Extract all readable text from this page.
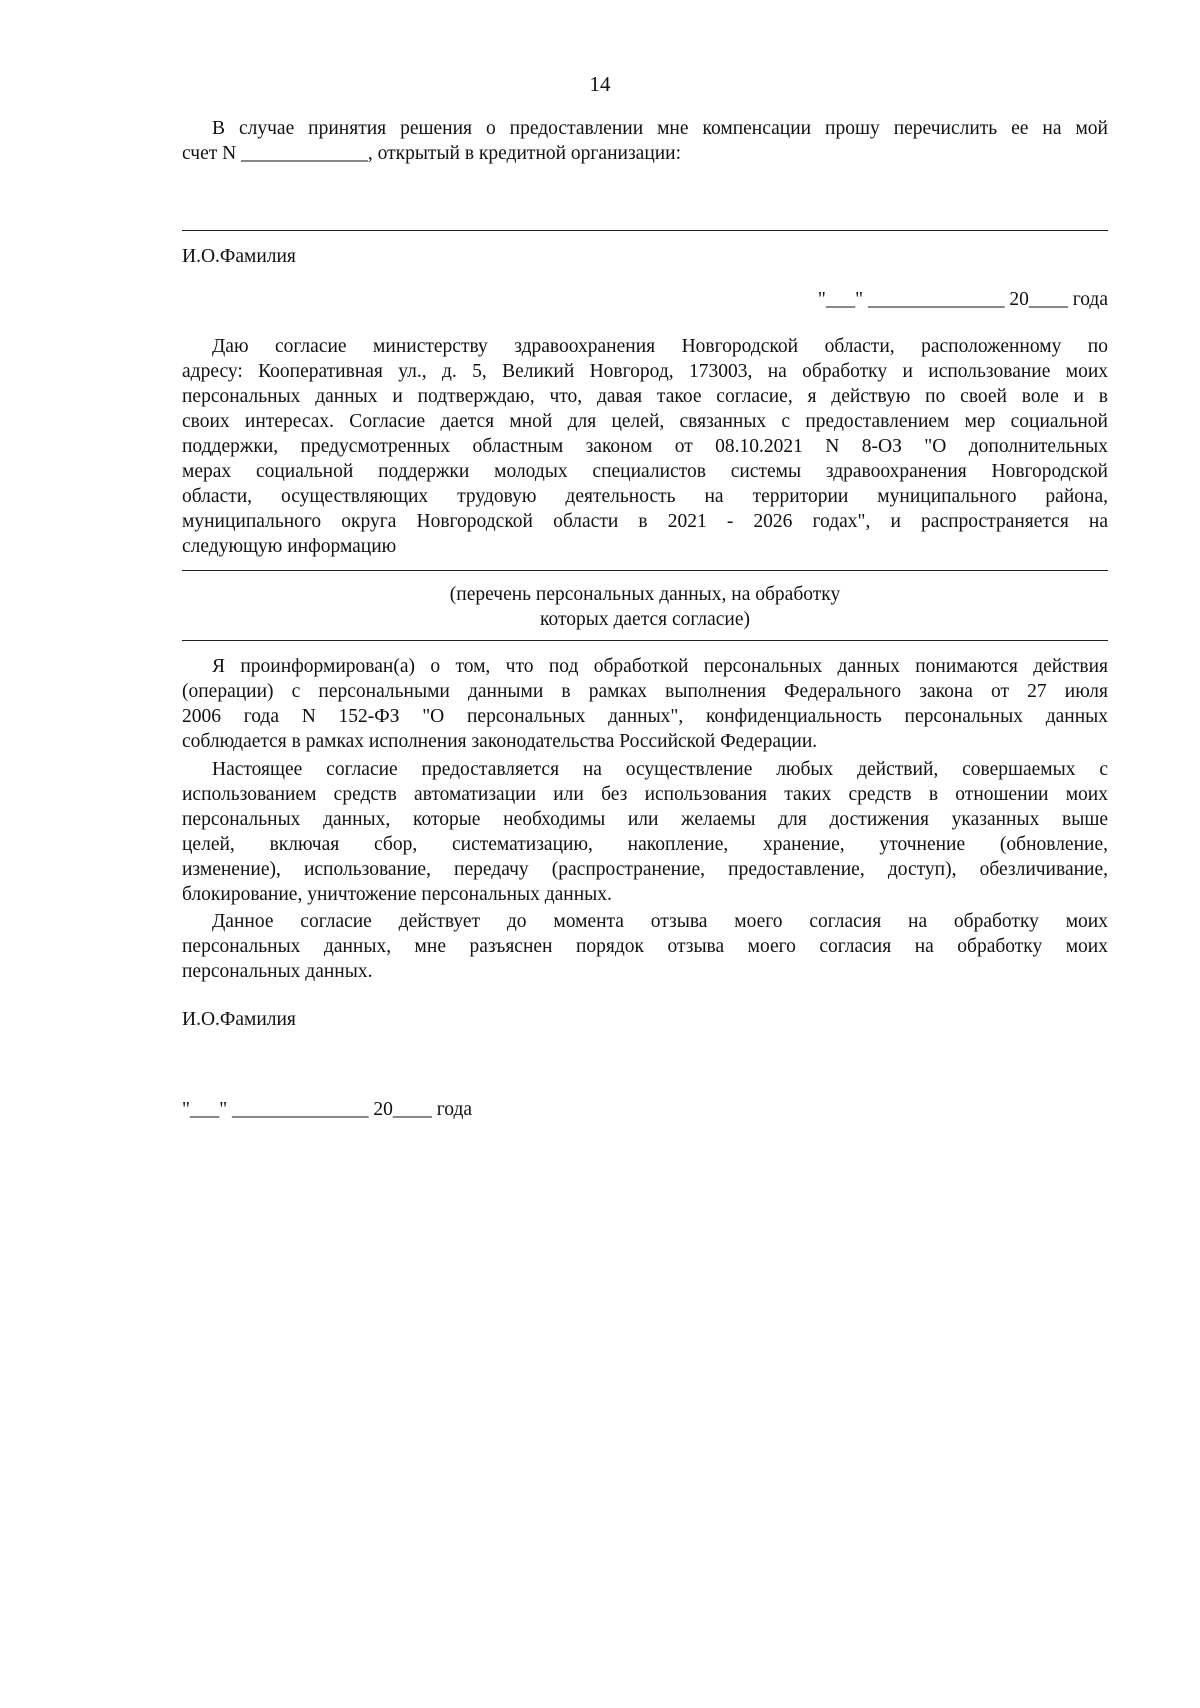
14
В случае принятия решения о предоставлении мне компенсации прошу перечислить ее на мой
счет N _____________, открытый в кредитной организации:
И.О.Фамилия
"___" ______________ 20____ года
Даю согласие министерству здравоохранения Новгородской области, расположенному по
адресу: Кооперативная ул., д. 5, Великий Новгород, 173003, на обработку и использование моих
персональных данных и подтверждаю, что, давая такое согласие, я действую по своей воле и в
своих интересах. Согласие дается мной для целей, связанных с предоставлением мер социальной
поддержки, предусмотренных областным законом от 08.10.2021 N 8-ОЗ "О дополнительных
мерах социальной поддержки молодых специалистов системы здравоохранения Новгородской
области, осуществляющих трудовую деятельность на территории муниципального района,
муниципального округа Новгородской области в 2021 - 2026 годах", и распространяется на
следующую информацию
(перечень персональных данных, на обработку
которых дается согласие)
Я проинформирован(а) о том, что под обработкой персональных данных понимаются действия
(операции) с персональными данными в рамках выполнения Федерального закона от 27 июля
2006 года N 152-ФЗ "О персональных данных", конфиденциальность персональных данных
соблюдается в рамках исполнения законодательства Российской Федерации.
Настоящее согласие предоставляется на осуществление любых действий, совершаемых с
использованием средств автоматизации или без использования таких средств в отношении моих
персональных данных, которые необходимы или желаемы для достижения указанных выше
целей, включая сбор, систематизацию, накопление, хранение, уточнение (обновление,
изменение), использование, передачу (распространение, предоставление, доступ), обезличивание,
блокирование, уничтожение персональных данных.
Данное согласие действует до момента отзыва моего согласия на обработку моих
персональных данных, мне разъяснен порядок отзыва моего согласия на обработку моих
персональных данных.
И.О.Фамилия
"___" ______________ 20____ года
